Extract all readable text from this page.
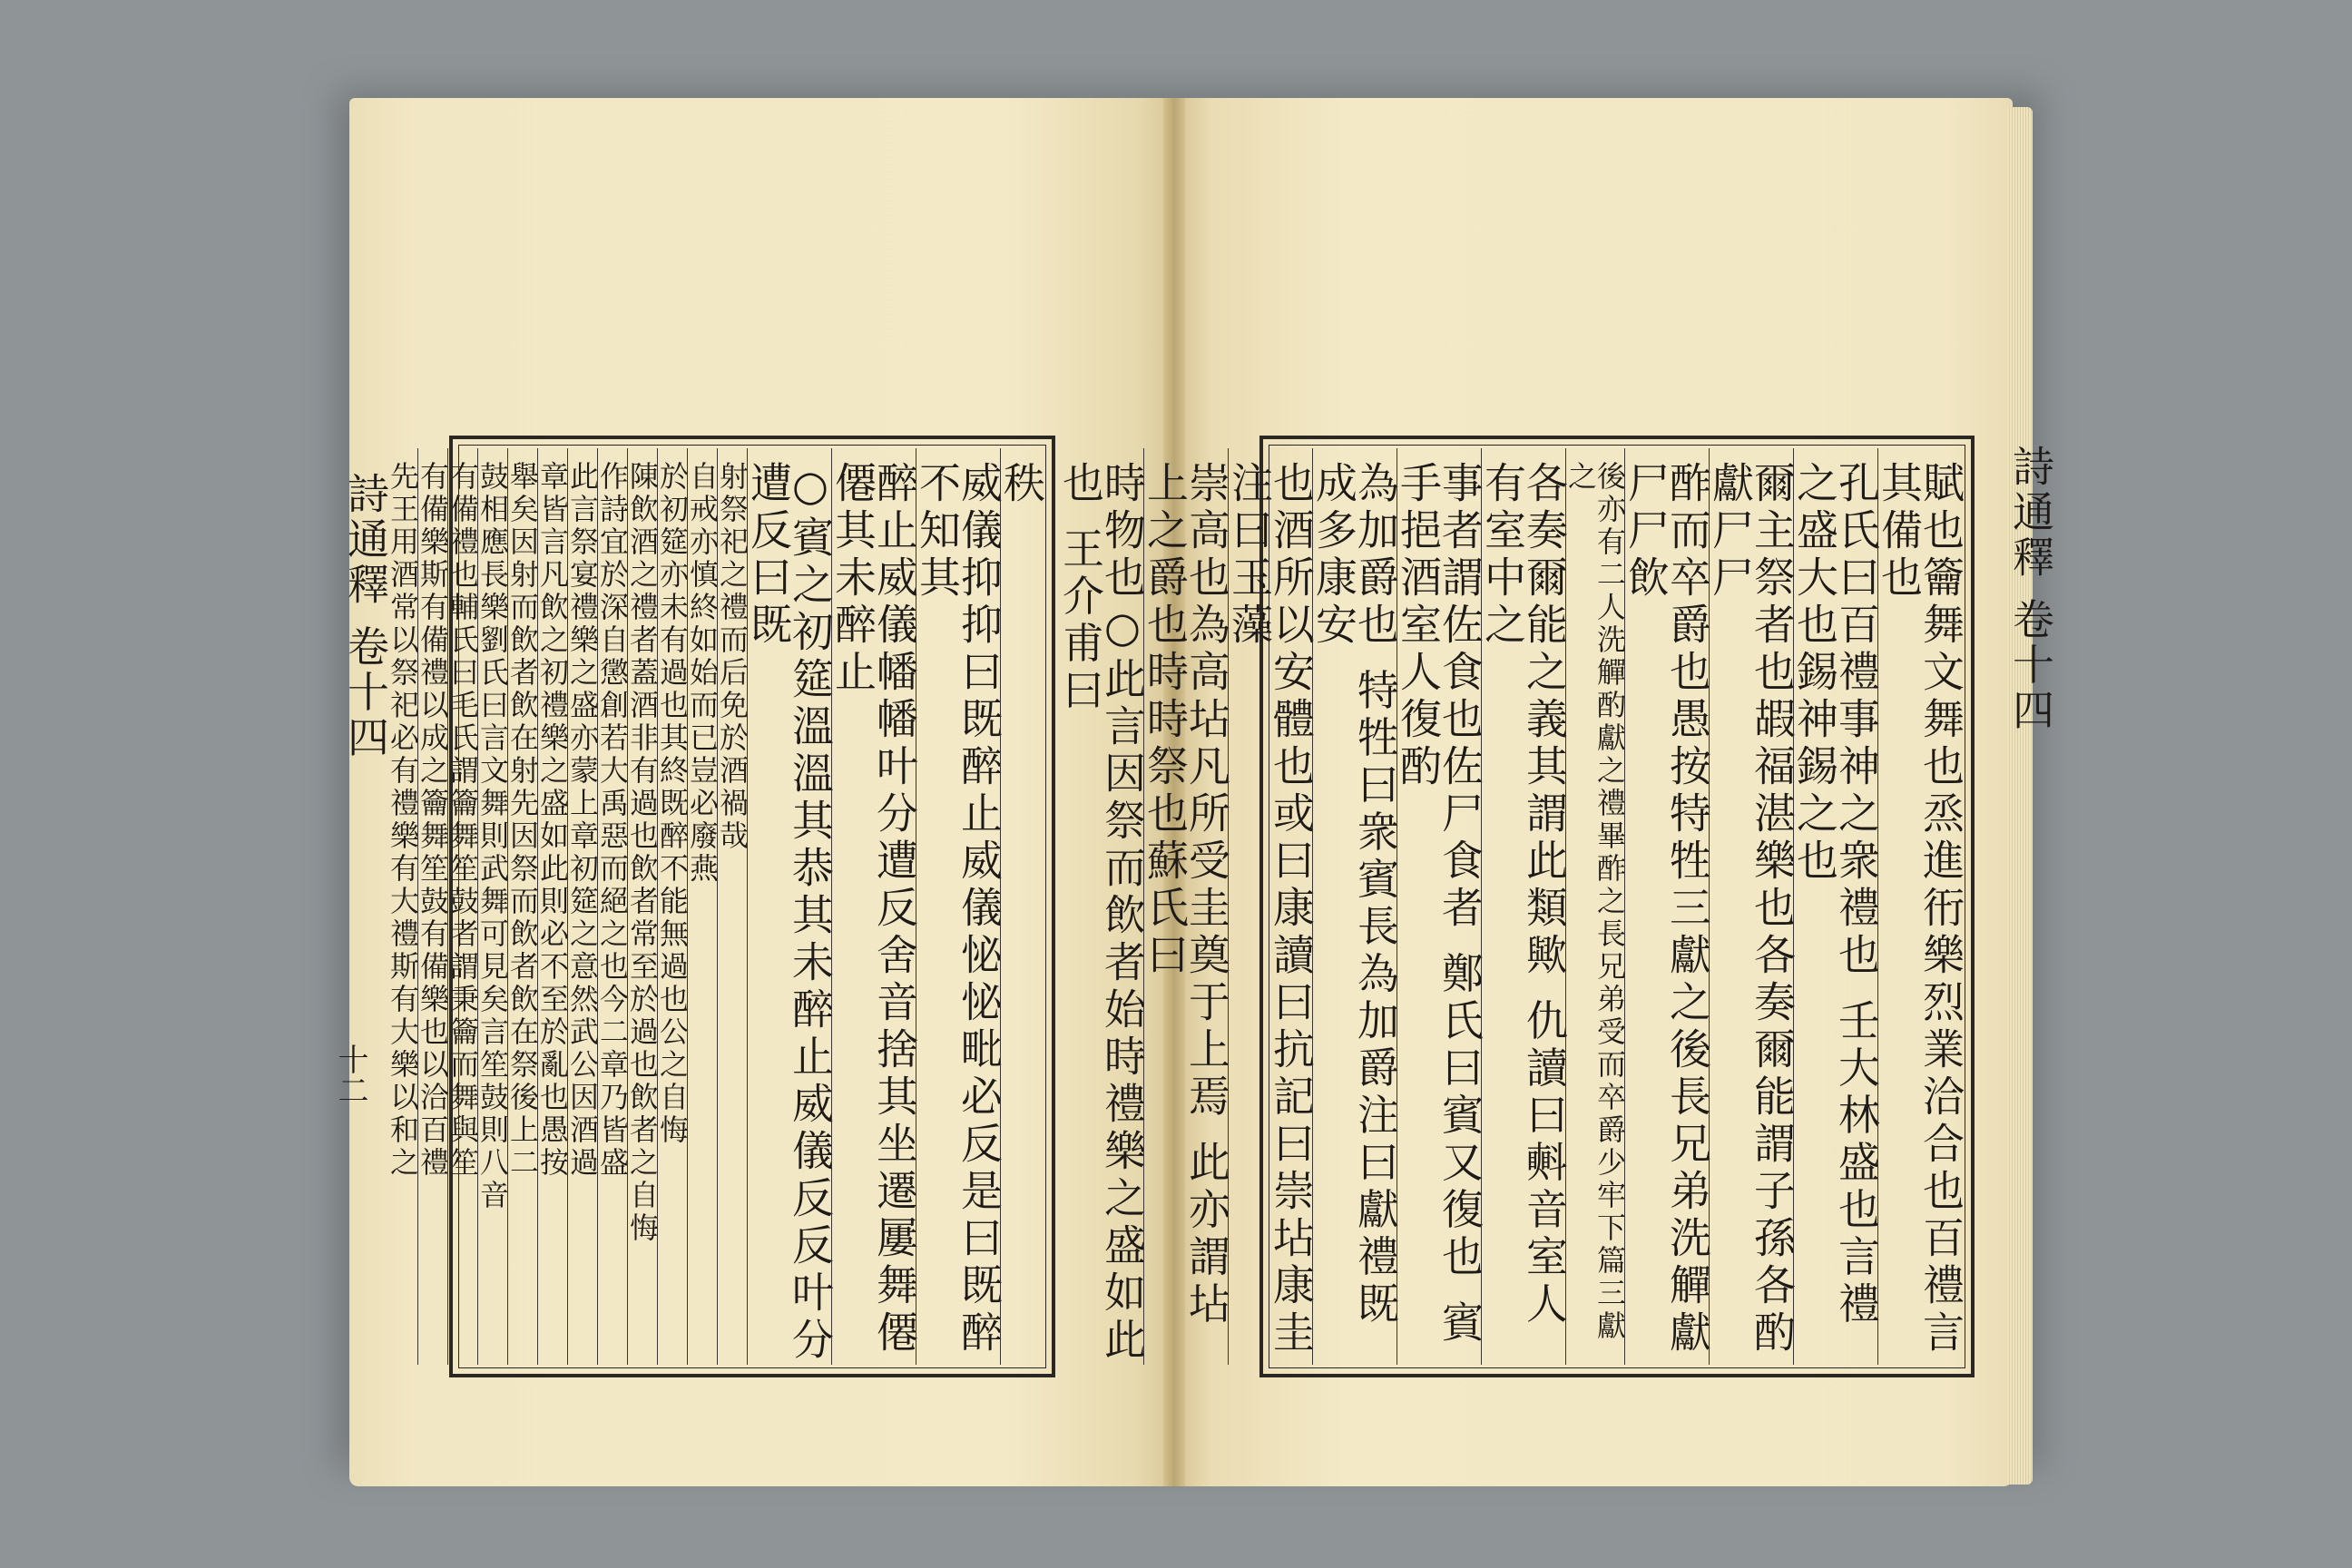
詩通釋 卷十四
十二
秩
威儀抑抑曰既醉止威儀怭怭毗必反是曰既醉不知其
醉止威儀幡幡叶分遭反舍音捨其坐遷屢舞僊僊其未醉止
○賓之初筵溫溫其恭其未醉止威儀反反叶分遭反曰既
射祭祀之禮而后免於酒禍哉
自戒亦慎終如始而已豈必廢燕
於初筵亦未有過也其終既醉不能無過也公之自悔
陳飲酒之禮者蓋酒非有過也飲者常至於過也飲者之自悔
作詩宜於深自懲創若大禹惡而絕之也今二章乃皆盛
此言祭宴禮樂之盛亦蒙上章初筵之意然武公因酒過
章皆言凡飲之初禮樂之盛如此則必不至於亂也愚按
舉矣因射而飲者飲在射先因祭而飲者飲在祭後上二
鼓相應長樂劉氏曰言文舞則武舞可見矣言笙鼓則八音
有備禮也輔氏曰毛氏謂籥舞笙鼓者謂秉籥而舞與笙
有備樂斯有備禮以成之籥舞笙鼓有備樂也以洽百禮
先王用酒常以祭祀必有禮樂有大禮斯有大樂以和之	詩通釋 卷十四
賦也籥舞文舞也烝進衎樂烈業洽合也百禮言其備也
孔氏曰百禮事神之衆禮也 壬大林盛也言禮之盛大也錫神錫之也
爾主祭者也嘏福湛樂也各奏爾能謂子孫各酌獻尸尸
酢而卒爵也愚按特牲三獻之後長兄弟洗觶獻尸尸飲
後亦有二人洗觶酌獻之禮畢酢之長兄弟受而卒爵少牢下篇三獻之
各奏爾能之義其謂此類歟 仇讀曰㪺音室人有室中之
事者謂佐食也佐尸食者 鄭氏曰賓又復也 賓手挹酒室人復酌
為加爵也 特牲曰衆賓長為加爵注曰獻禮既成多康安
也酒所以安體也或曰康讀曰抗記曰崇坫康圭注曰玉藻
崇高也為高坫凡所受圭奠于上焉 此亦謂坫上之爵也時時祭也蘇氏曰
時物也○此言因祭而飲者始時禮樂之盛如此也 王介甫曰
